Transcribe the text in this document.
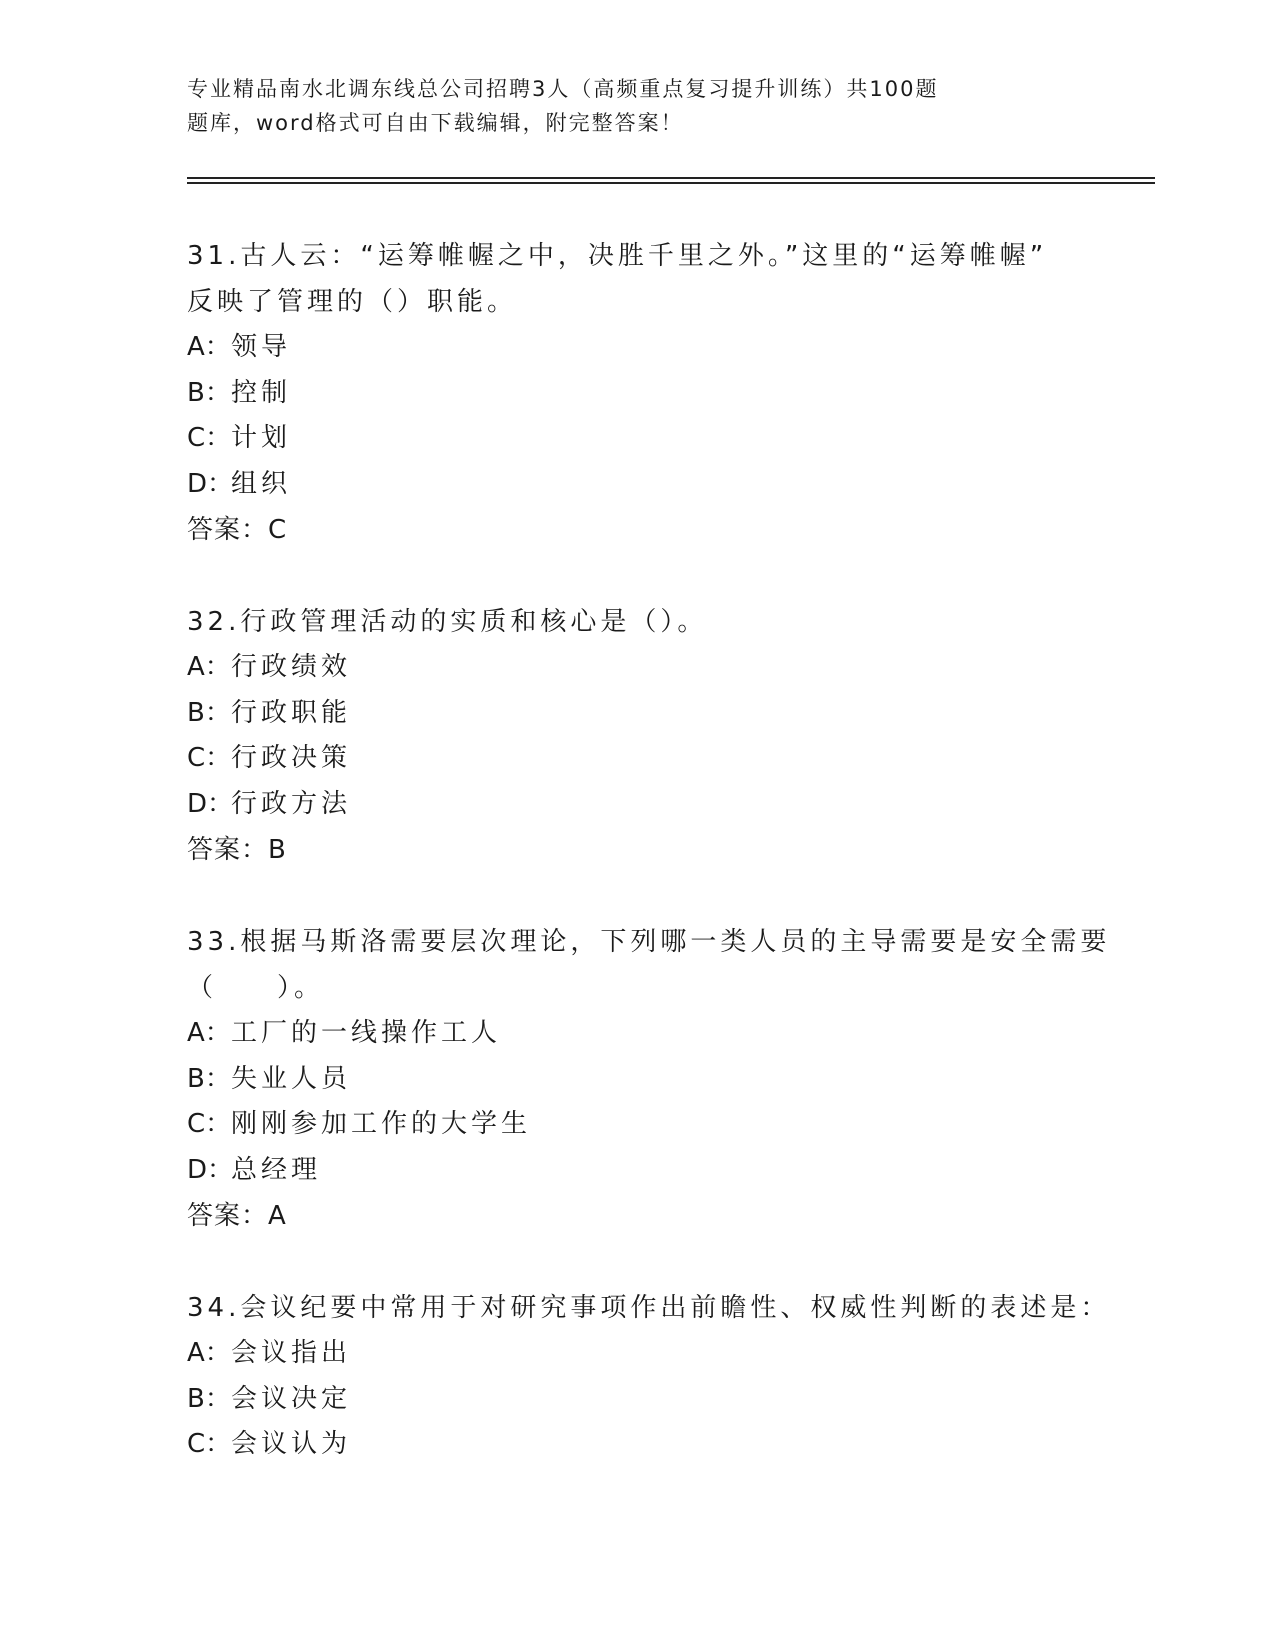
专业精品南水北调东线总公司招聘3人（高频重点复习提升训练）共100题
题库，word格式可自由下载编辑，附完整答案！
31.古人云：“运筹帷幄之中，决胜千里之外。”这里的“运筹帷幄”
反映了管理的（）职能。
A：领导
B：控制
C：计划
D：组织
答案：C
32.行政管理活动的实质和核心是（）。
A：行政绩效
B：行政职能
C：行政决策
D：行政方法
答案：B
33.根据马斯洛需要层次理论，下列哪一类人员的主导需要是安全需要
（　　）。
A：工厂的一线操作工人
B：失业人员
C：刚刚参加工作的大学生
D：总经理
答案：A
34.会议纪要中常用于对研究事项作出前瞻性、权威性判断的表述是：
A：会议指出
B：会议决定
C：会议认为
